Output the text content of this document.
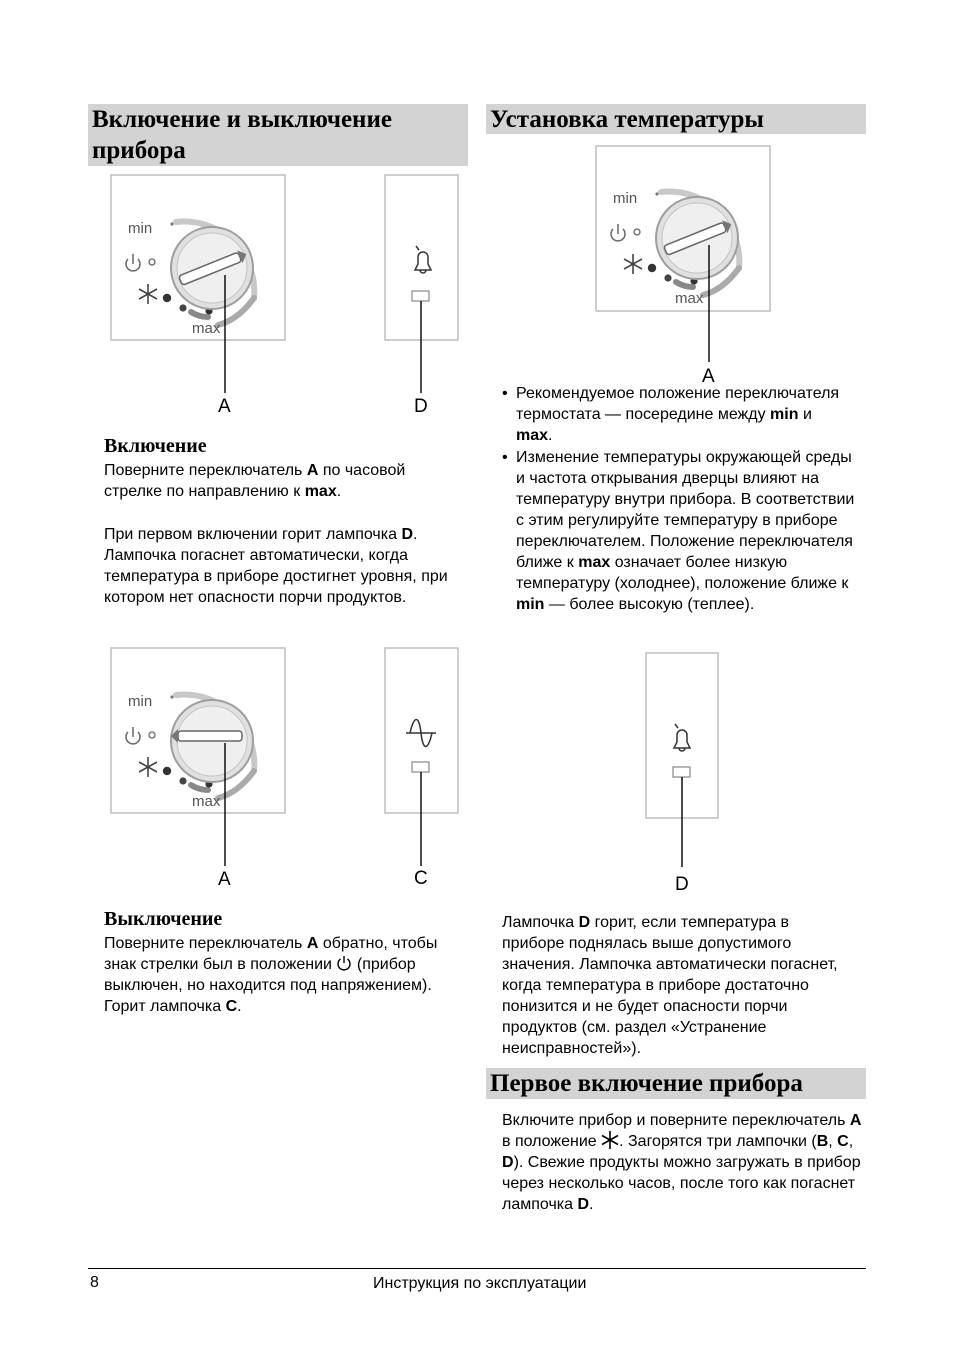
Включение и выключение прибора
min
max
A	D
Включение
Поверните переключатель A по часовой стрелке по направлению к max.
При первом включении горит лампочка D. Лампочка погаснет автоматически, когда температура в приборе достигнет уровня, при котором нет опасности порчи продуктов.
min
max
A	C
Выключение
Поверните переключатель A обратно, чтобы знак стрелки был в положении  (прибор выключен, но находится под напряжением). Горит лампочка C.
Установка температуры
min
max
A
• Рекомендуемое положение переключателя термостата — посередине между min и max.
• Изменение температуры окружающей среды и частота открывания дверцы влияют на температуру внутри прибора. В соответствии с этим регулируйте температуру в приборе переключателем. Положение переключателя ближе к max означает более низкую температуру (холоднее), положение ближе к min — более высокую (теплее).
D
Лампочка D горит, если температура в приборе поднялась выше допустимого значения. Лампочка автоматически погаснет, когда температура в приборе достаточно понизится и не будет опасности порчи продуктов (см. раздел «Устранение неисправностей»).
Первое включение прибора
Включите прибор и поверните переключатель A в положение . Загорятся три лампочки (B, C, D). Свежие продукты можно загружать в прибор через несколько часов, после того как погаснет лампочка D.
8	Инструкция по эксплуатации
